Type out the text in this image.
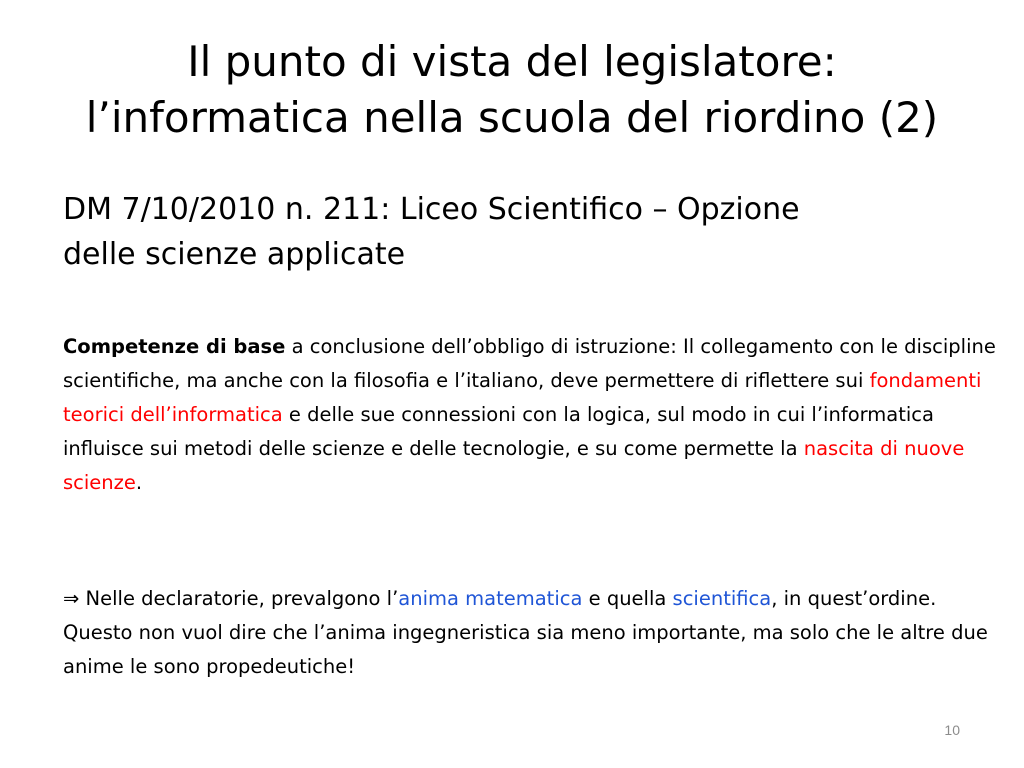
Il punto di vista del legislatore:
l’informatica nella scuola del riordino (2)
DM 7/10/2010 n. 211: Liceo Scientifico – Opzione
delle scienze applicate
Competenze di base a conclusione dell’obbligo di istruzione: Il collegamento con le discipline scientifiche, ma anche con la filosofia e l’italiano, deve permettere di riflettere sui fondamenti teorici dell’informatica e delle sue connessioni con la logica, sul modo in cui l’informatica influisce sui metodi delle scienze e delle tecnologie, e su come permette la nascita di nuove scienze.
⇒ Nelle declaratorie, prevalgono l’anima matematica e quella scientifica, in quest’ordine. Questo non vuol dire che l’anima ingegneristica sia meno importante, ma solo che le altre due anime le sono propedeutiche!
10
